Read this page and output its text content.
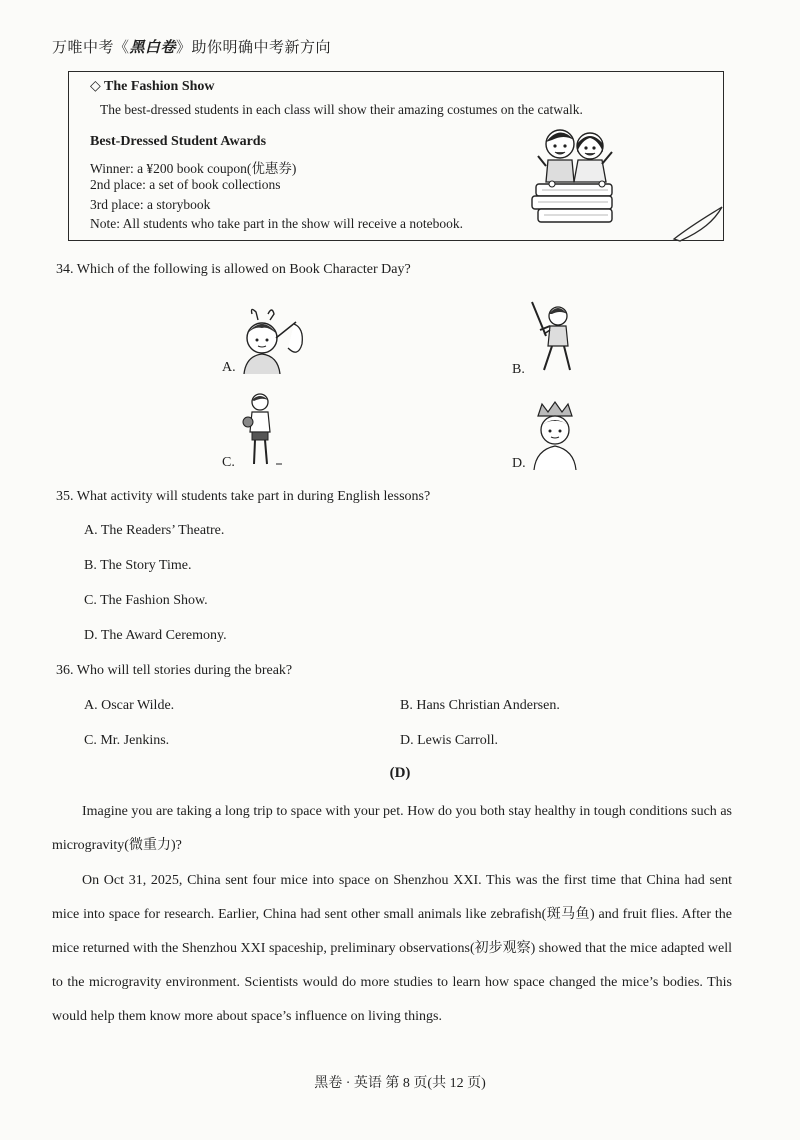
万唯中考《黑白卷》助你明确中考新方向
◇ The Fashion Show
The best-dressed students in each class will show their amazing costumes on the catwalk.
Best-Dressed Student Awards
Winner: a ¥200 book coupon(优惠券)
2nd place: a set of book collections
3rd place: a storybook
Note: All students who take part in the show will receive a notebook.
34. Which of the following is allowed on Book Character Day?
A.	B.
C.	D.
35. What activity will students take part in during English lessons?
A. The Readers’ Theatre.
B. The Story Time.
C. The Fashion Show.
D. The Award Ceremony.
36. Who will tell stories during the break?
A. Oscar Wilde.	B. Hans Christian Andersen.
C. Mr. Jenkins.	D. Lewis Carroll.
(D)
Imagine you are taking a long trip to space with your pet. How do you both stay healthy in tough conditions such as microgravity(微重力)?
On Oct 31, 2025, China sent four mice into space on Shenzhou XXI. This was the first time that China had sent mice into space for research. Earlier, China had sent other small animals like zebrafish(斑马鱼) and fruit flies. After the mice returned with the Shenzhou XXI spaceship, preliminary observations(初步观察) showed that the mice adapted well to the microgravity environment. Scientists would do more studies to learn how space changed the mice’s bodies. This would help them know more about space’s influence on living things.
黑卷 · 英语 第 8 页(共 12 页)
